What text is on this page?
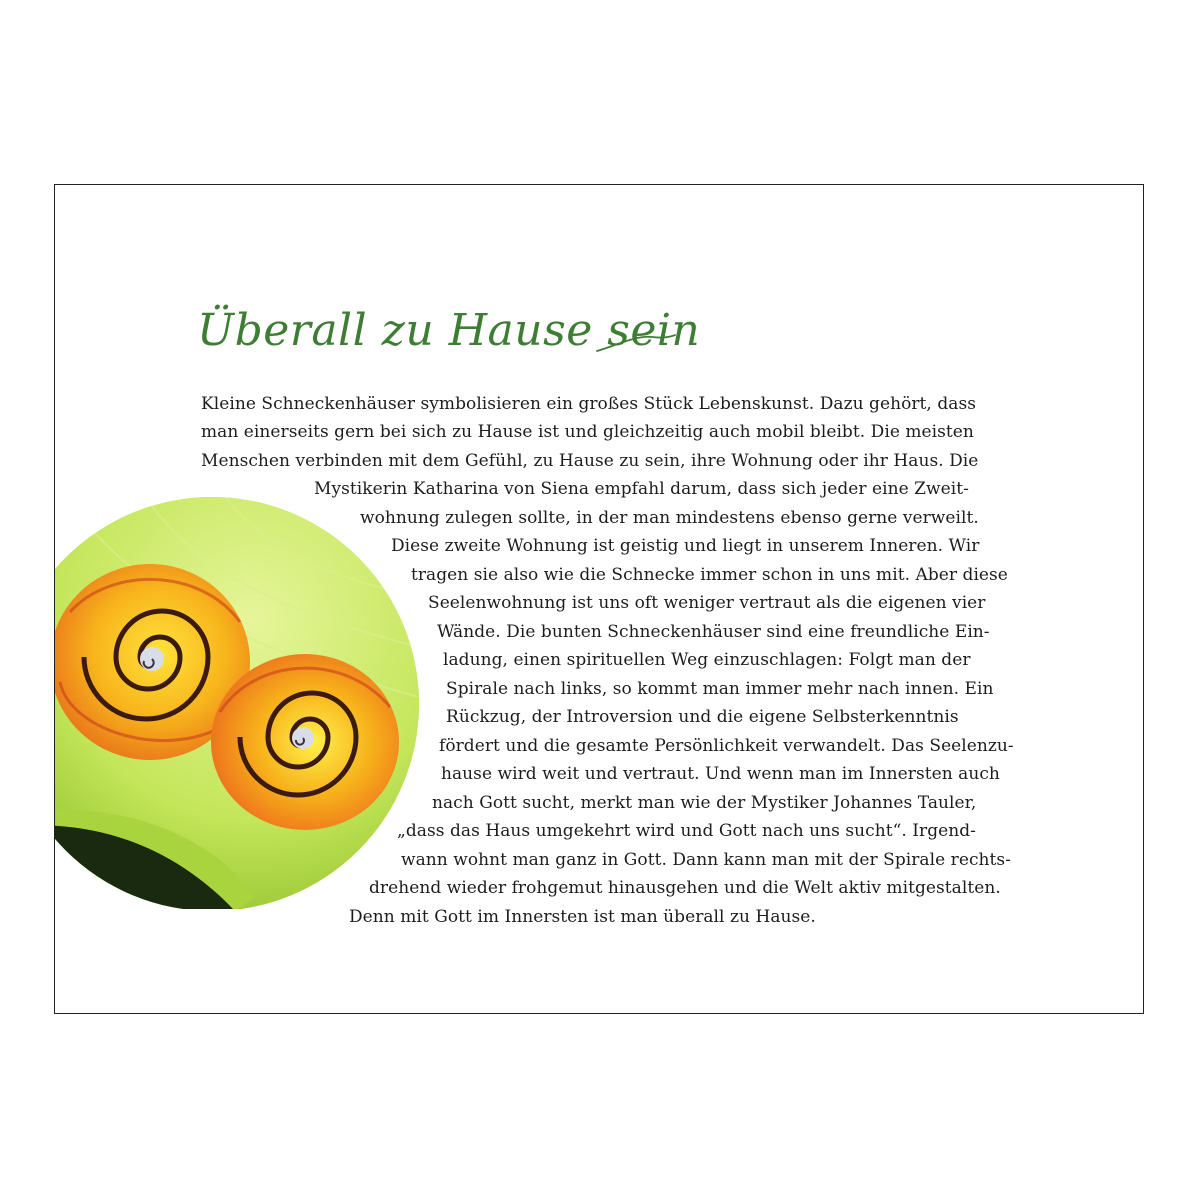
Überall zu Hause sein
Kleine Schneckenhäuser symbolisieren ein großes Stück Lebenskunst. Dazu gehört, dass
man einerseits gern bei sich zu Hause ist und gleichzeitig auch mobil bleibt. Die meisten
Menschen verbinden mit dem Gefühl, zu Hause zu sein, ihre Wohnung oder ihr Haus. Die
Mystikerin Katharina von Siena empfahl darum, dass sich jeder eine Zweit-
wohnung zulegen sollte, in der man mindestens ebenso gerne verweilt.
Diese zweite Wohnung ist geistig und liegt in unserem Inneren. Wir
tragen sie also wie die Schnecke immer schon in uns mit. Aber diese
Seelenwohnung ist uns oft weniger vertraut als die eigenen vier
Wände. Die bunten Schneckenhäuser sind eine freundliche Ein-
ladung, einen spirituellen Weg einzuschlagen: Folgt man der
Spirale nach links, so kommt man immer mehr nach innen. Ein
Rückzug, der Introversion und die eigene Selbsterkenntnis
fördert und die gesamte Persönlichkeit verwandelt. Das Seelenzu-
hause wird weit und vertraut. Und wenn man im Innersten auch
nach Gott sucht, merkt man wie der Mystiker Johannes Tauler,
„dass das Haus umgekehrt wird und Gott nach uns sucht“. Irgend-
wann wohnt man ganz in Gott. Dann kann man mit der Spirale rechts-
drehend wieder frohgemut hinausgehen und die Welt aktiv mitgestalten.
Denn mit Gott im Innersten ist man überall zu Hause.
